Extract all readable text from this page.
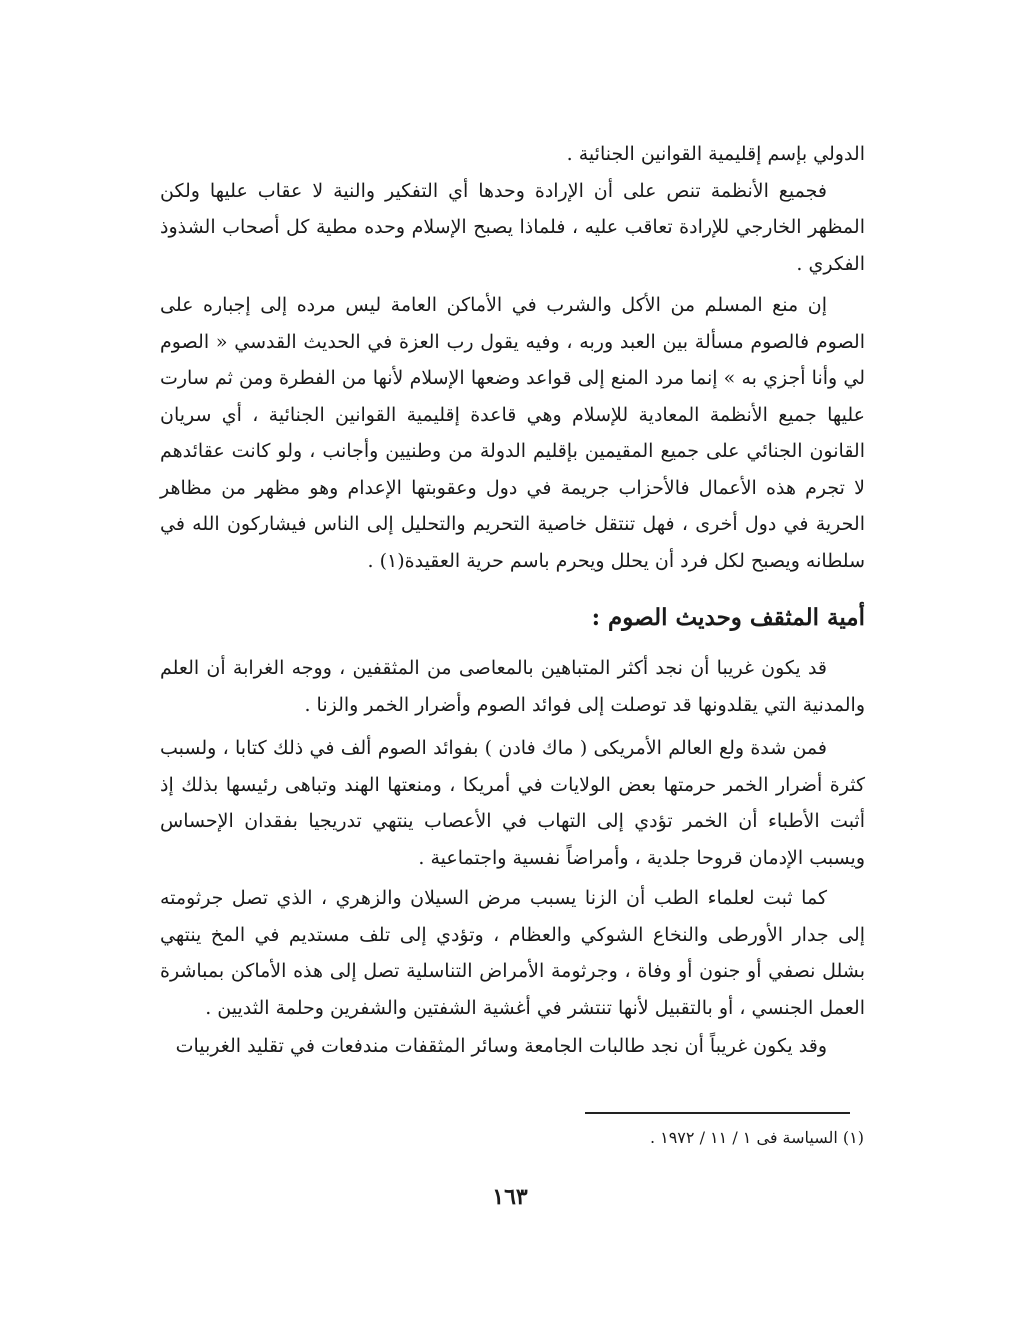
الدولي بإسم إقليمية القوانين الجنائية .

فجميع الأنظمة تنص على أن الإرادة وحدها أي التفكير والنية لا عقاب عليها ولكن المظهر الخارجي للإرادة تعاقب عليه ، فلماذا يصبح الإسلام وحده مطية كل أصحاب الشذوذ الفكري .

إن منع المسلم من الأكل والشرب في الأماكن العامة ليس مرده إلى إجباره على الصوم فالصوم مسألة بين العبد وربه ، وفيه يقول رب العزة في الحديث القدسي « الصوم لي وأنا أجزي به » إنما مرد المنع إلى قواعد وضعها الإسلام لأنها من الفطرة ومن ثم سارت عليها جميع الأنظمة المعادية للإسلام وهي قاعدة إقليمية القوانين الجنائية ، أي سريان القانون الجنائي على جميع المقيمين بإقليم الدولة من وطنيين وأجانب ، ولو كانت عقائدهم لا تجرم هذه الأعمال فالأحزاب جريمة في دول وعقوبتها الإعدام وهو مظهر من مظاهر الحرية في دول أخرى ، فهل تنتقل خاصية التحريم والتحليل إلى الناس فيشاركون الله في سلطانه ويصبح لكل فرد أن يحلل ويحرم باسم حرية العقيدة(١) .

أمية المثقف وحديث الصوم :

قد يكون غريبا أن نجد أكثر المتباهين بالمعاصى من المثقفين ، ووجه الغرابة أن العلم والمدنية التي يقلدونها قد توصلت إلى فوائد الصوم وأضرار الخمر والزنا .

فمن شدة ولع العالم الأمريكى ( ماك فادن ) بفوائد الصوم ألف في ذلك كتابا ، ولسبب كثرة أضرار الخمر حرمتها بعض الولايات في أمريكا ، ومنعتها الهند وتباهى رئيسها بذلك إذ أثبت الأطباء أن الخمر تؤدي إلى التهاب في الأعصاب ينتهي تدريجيا بفقدان الإحساس ويسبب الإدمان قروحا جلدية ، وأمراضاً نفسية واجتماعية .

كما ثبت لعلماء الطب أن الزنا يسبب مرض السيلان والزهري ، الذي تصل جرثومته إلى جدار الأورطى والنخاع الشوكي والعظام ، وتؤدي إلى تلف مستديم في المخ ينتهي بشلل نصفي أو جنون أو وفاة ، وجرثومة الأمراض التناسلية تصل إلى هذه الأماكن بمباشرة العمل الجنسي ، أو بالتقبيل لأنها تنتشر في أغشية الشفتين والشفرين وحلمة الثديين .

وقد يكون غريباً أن نجد طالبات الجامعة وسائر المثقفات مندفعات في تقليد الغربيات

(١) السياسة فى ١ / ١١ / ١٩٧٢ .
١٦٣
